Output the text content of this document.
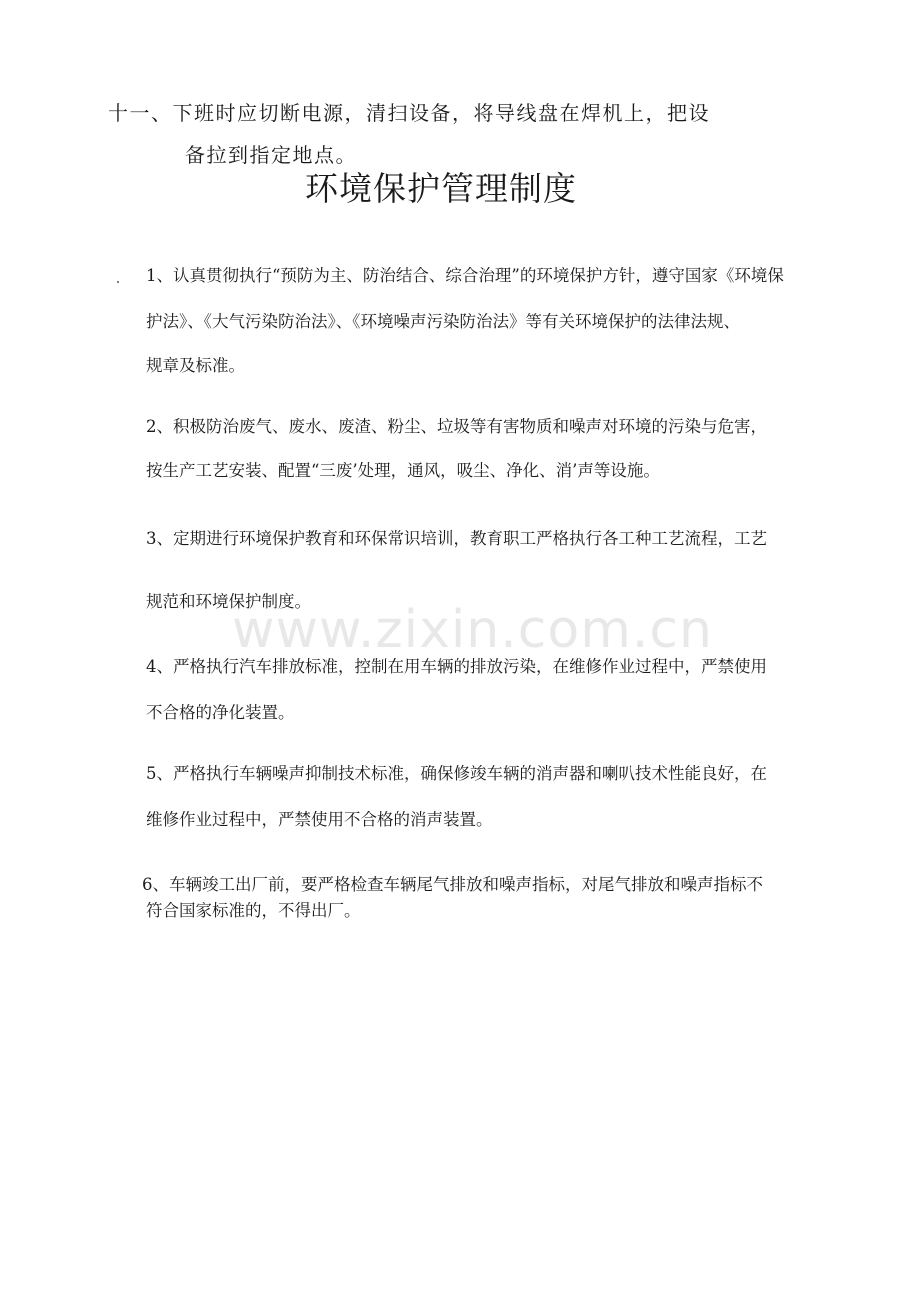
十一、下班时应切断电源，清扫设备，将导线盘在焊机上，把设
备拉到指定地点。
环境保护管理制度
1、认真贯彻执行“预防为主、防治结合、综合治理”的环境保护方针，遵守国家《环境保
护法》、《大气污染防治法》、《环境噪声污染防治法》等有关环境保护的法律法规、
规章及标准。
2、积极防治废气、废水、废渣、粉尘、垃圾等有害物质和噪声对环境的污染与危害，
按生产工艺安装、配置“三废’处理，通风，吸尘、净化、消’声等设施。
3、定期进行环境保护教育和环保常识培训，教育职工严格执行各工种工艺流程，工艺
规范和环境保护制度。
4、严格执行汽车排放标准，控制在用车辆的排放污染，在维修作业过程中，严禁使用
不合格的净化装置。
5、严格执行车辆噪声抑制技术标准，确保修竣车辆的消声器和喇叭技术性能良好，在
维修作业过程中，严禁使用不合格的消声装置。
6、车辆竣工出厂前，要严格检查车辆尾气排放和噪声指标，对尾气排放和噪声指标不
符合国家标准的，不得出厂。
www.zixin.com.cn
